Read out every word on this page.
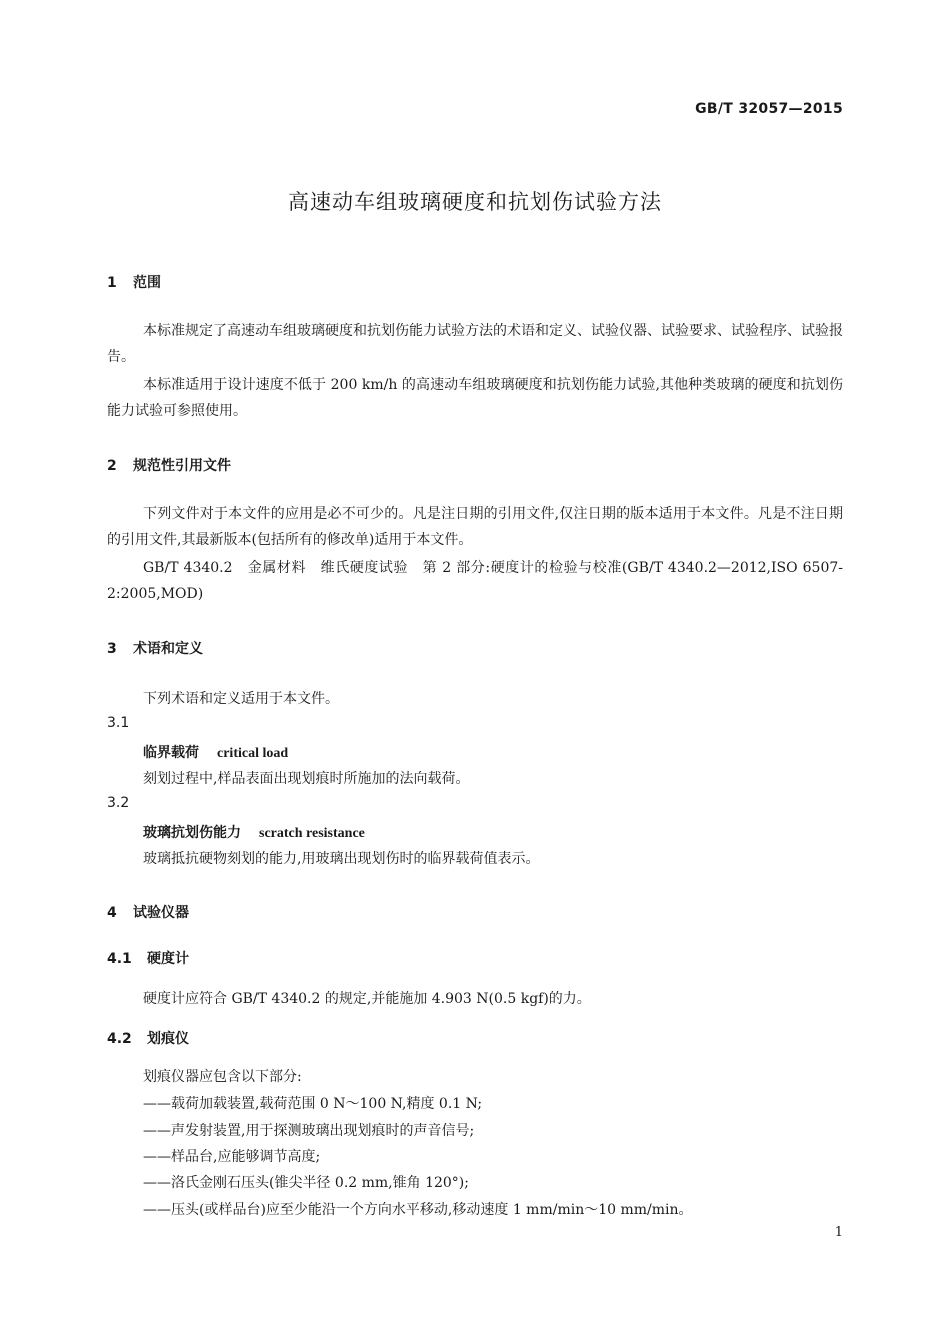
GB/T 32057—2015
高速动车组玻璃硬度和抗划伤试验方法
1 范围
本标准规定了高速动车组玻璃硬度和抗划伤能力试验方法的术语和定义、试验仪器、试验要求、试验程序、试验报告。
本标准适用于设计速度不低于 200 km/h 的高速动车组玻璃硬度和抗划伤能力试验,其他种类玻璃的硬度和抗划伤能力试验可参照使用。
2 规范性引用文件
下列文件对于本文件的应用是必不可少的。凡是注日期的引用文件,仅注日期的版本适用于本文件。凡是不注日期的引用文件,其最新版本(包括所有的修改单)适用于本文件。
GB/T 4340.2　金属材料　维氏硬度试验　第 2 部分:硬度计的检验与校准(GB/T 4340.2—2012,ISO 6507-2:2005,MOD)
3 术语和定义
下列术语和定义适用于本文件。
3.1
临界载荷 critical load
刻划过程中,样品表面出现划痕时所施加的法向载荷。
3.2
玻璃抗划伤能力 scratch resistance
玻璃抵抗硬物刻划的能力,用玻璃出现划伤时的临界载荷值表示。
4 试验仪器
4.1 硬度计
硬度计应符合 GB/T 4340.2 的规定,并能施加 4.903 N(0.5 kgf)的力。
4.2 划痕仪
划痕仪器应包含以下部分:
——载荷加载装置,载荷范围 0 N～100 N,精度 0.1 N;
——声发射装置,用于探测玻璃出现划痕时的声音信号;
——样品台,应能够调节高度;
——洛氏金刚石压头(锥尖半径 0.2 mm,锥角 120°);
——压头(或样品台)应至少能沿一个方向水平移动,移动速度 1 mm/min～10 mm/min。
1
